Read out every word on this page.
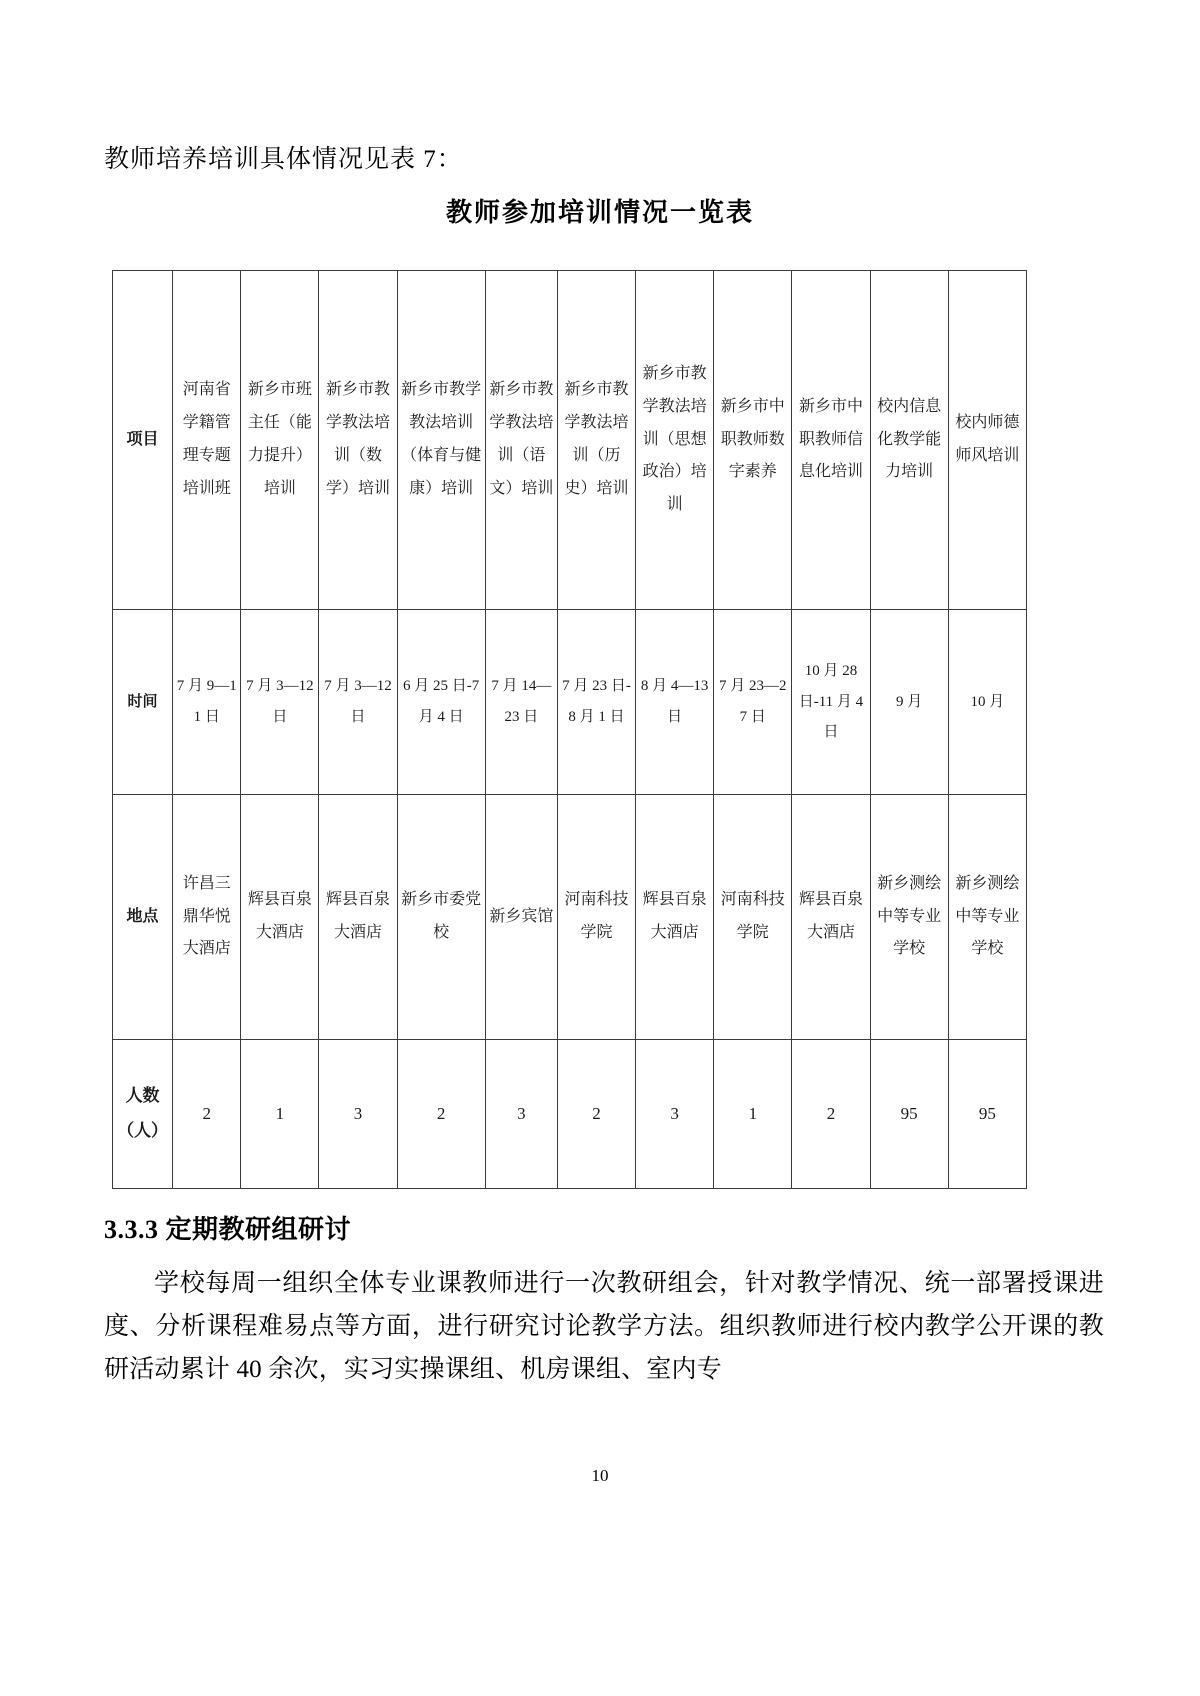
教师培养培训具体情况见表 7：
教师参加培训情况一览表
项目	河南省学籍管理专题培训班	新乡市班主任（能力提升）培训	新乡市教学教法培训（数学）培训	新乡市教学教法培训（体育与健康）培训	新乡市教学教法培训（语文）培训	新乡市教学教法培训（历史）培训	新乡市教学教法培训（思想政治）培训	新乡市中职教师数字素养	新乡市中职教师信息化培训	校内信息化教学能力培训	校内师德师风培训
时间	7 月 9—11 日	7 月 3—12 日	7 月 3—12 日	6 月 25 日-7 月 4 日	7 月 14—23 日	7 月 23 日-8 月 1 日	8 月 4—13 日	7 月 23—27 日	10 月 28 日-11 月 4 日	9 月	10 月
地点	许昌三鼎华悦大酒店	辉县百泉大酒店	辉县百泉大酒店	新乡市委党校	新乡宾馆	河南科技学院	辉县百泉大酒店	河南科技学院	辉县百泉大酒店	新乡测绘中等专业学校	新乡测绘中等专业学校
人数（人）	2	1	3	2	3	2	3	1	2	95	95
3.3.3 定期教研组研讨
学校每周一组织全体专业课教师进行一次教研组会，针对教学情况、统一部署授课进度、分析课程难易点等方面，进行研究讨论教学方法。组织教师进行校内教学公开课的教研活动累计 40 余次，实习实操课组、机房课组、室内专
10
